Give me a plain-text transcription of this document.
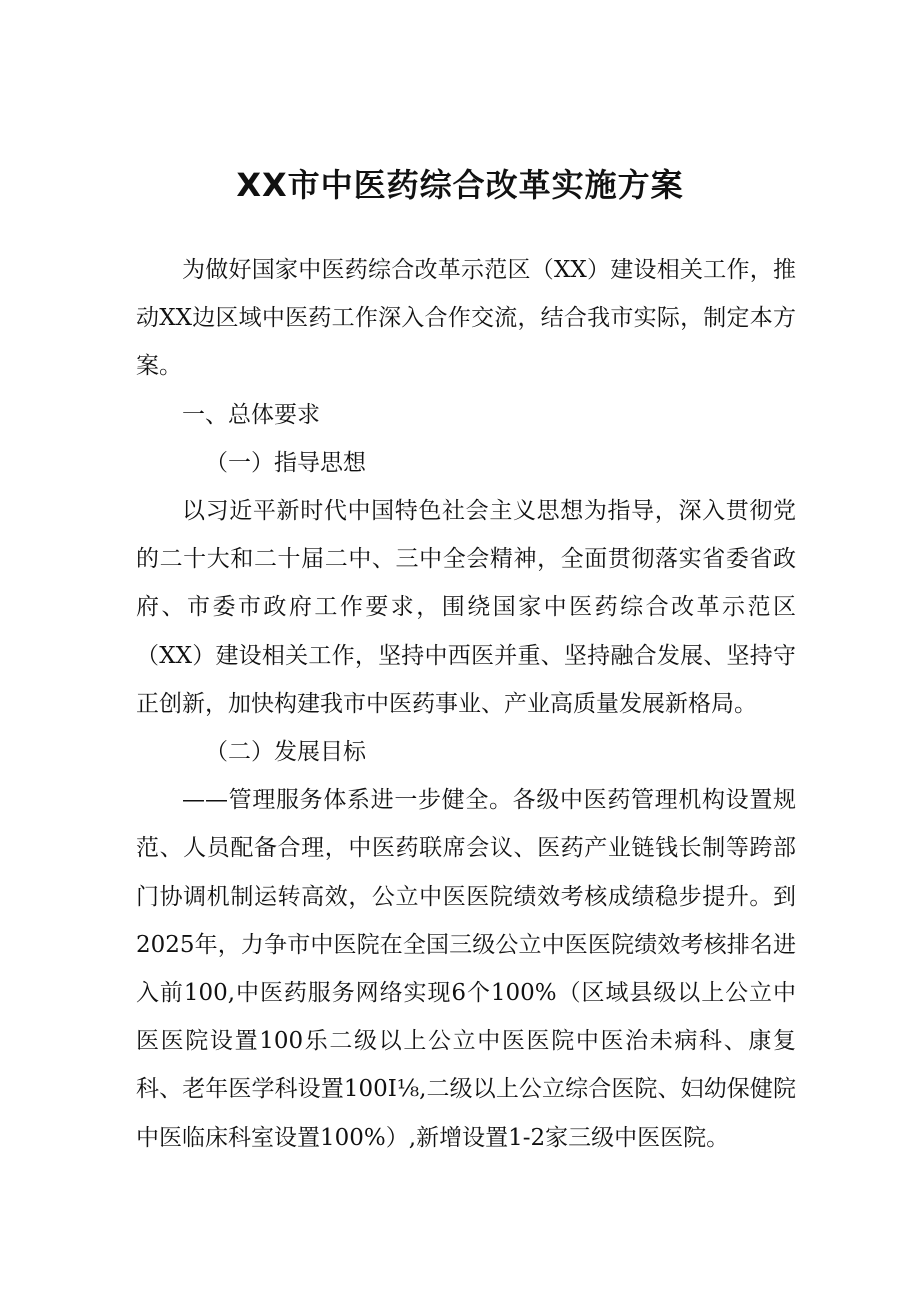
XX市中医药综合改革实施方案

为做好国家中医药综合改革示范区（XX）建设相关工作，推动XX边区域中医药工作深入合作交流，结合我市实际，制定本方案。

一、总体要求

（一）指导思想

以习近平新时代中国特色社会主义思想为指导，深入贯彻党的二十大和二十届二中、三中全会精神，全面贯彻落实省委省政府、市委市政府工作要求，围绕国家中医药综合改革示范区（XX）建设相关工作，坚持中西医并重、坚持融合发展、坚持守正创新，加快构建我市中医药事业、产业高质量发展新格局。

（二）发展目标

——管理服务体系进一步健全。各级中医药管理机构设置规范、人员配备合理，中医药联席会议、医药产业链钱长制等跨部门协调机制运转高效，公立中医医院绩效考核成绩稳步提升。到2025年，力争市中医院在全国三级公立中医医院绩效考核排名进入前100,中医药服务网络实现6个100%（区域县级以上公立中医医院设置100乐二级以上公立中医医院中医治未病科、康复科、老年医学科设置100I⅛,二级以上公立综合医院、妇幼保健院中医临床科室设置100%）,新增设置1-2家三级中医医院。
